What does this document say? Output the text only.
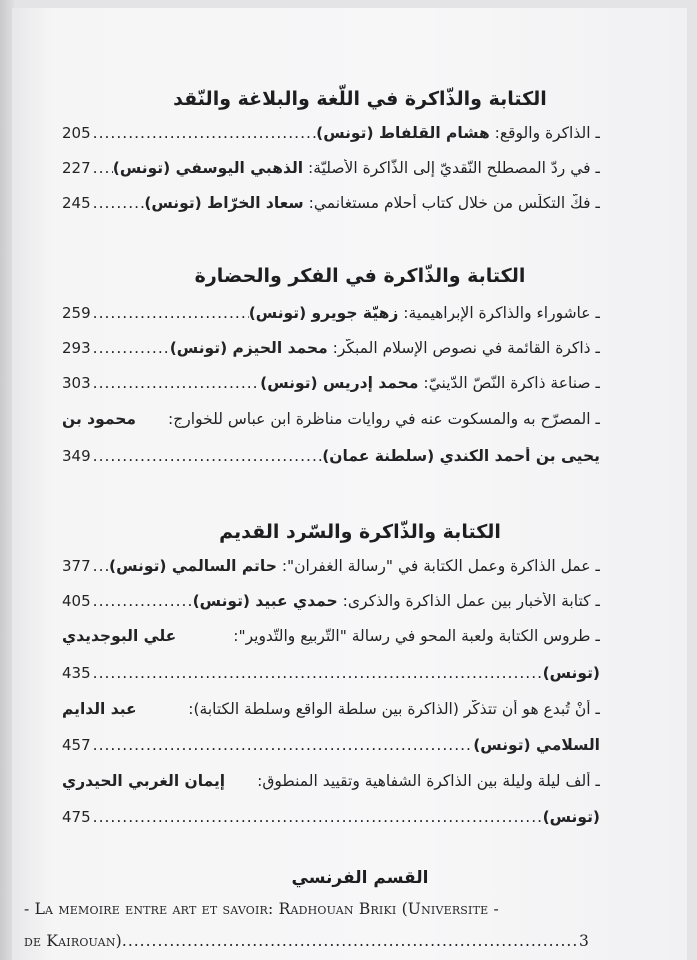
الكتابة والذّاكرة في اللّغة والبلاغة والنّقد
ـ الذاكرة والوقع:

هشام القلفاط (تونس)
.....
205
ـ في ردّ المصطلح النّقديّ إلى الذّاكرة الأصليّة:

الذهبي اليوسفي (تونس)
.....
227
ـ فكّ التكلّس من خلال كتاب أحلام مستغانمي:

سعاد الخرّاط (تونس)
.....
245
الكتابة والذّاكرة في الفكر والحضارة
ـ عاشوراء والذاكرة الإبراهيمية:

زهيّة جويرو (تونس)
.....
259
ـ ذاكرة القائمة في نصوص الإسلام المبكّر:

محمد الحيزم (تونس)
.....
293
ـ صناعة ذاكرة النّصّ الدّينيّ:

محمد إدريس (تونس)
.....
303
ـ المصرّح به والمسكوت عنه في روايات مناظرة ابن عباس للخوارج:
محمود بن
يحيى بن أحمد الكندي (سلطنة عمان)
.....
349
الكتابة والذّاكرة والسّرد القديم
ـ عمل الذاكرة وعمل الكتابة في "رسالة الغفران":

حاتم السالمي (تونس)
.....
377
ـ كتابة الأخبار بين عمل الذاكرة والذكرى:

حمدي عبيد (تونس)
.....
405
ـ طروس الكتابة ولعبة المحو في رسالة "التّربيع والتّدوير":
علي البوجديدي
(تونس)
.....
435
ـ أنْ تُبدع هو أن تتذكّر (الذاكرة بين سلطة الواقع وسلطة الكتابة):
عبد الدايم
السلامي (تونس)
.....
457
ـ ألف ليلة وليلة بين الذاكرة الشفاهية وتقييد المنطوق:
إيمان الغربي الحيدري
(تونس)
.....
475
القسم الفرنسي
- La memoire entre art et savoir: Radhouan Briki (Universite -
de Kairouan)
.....	3
